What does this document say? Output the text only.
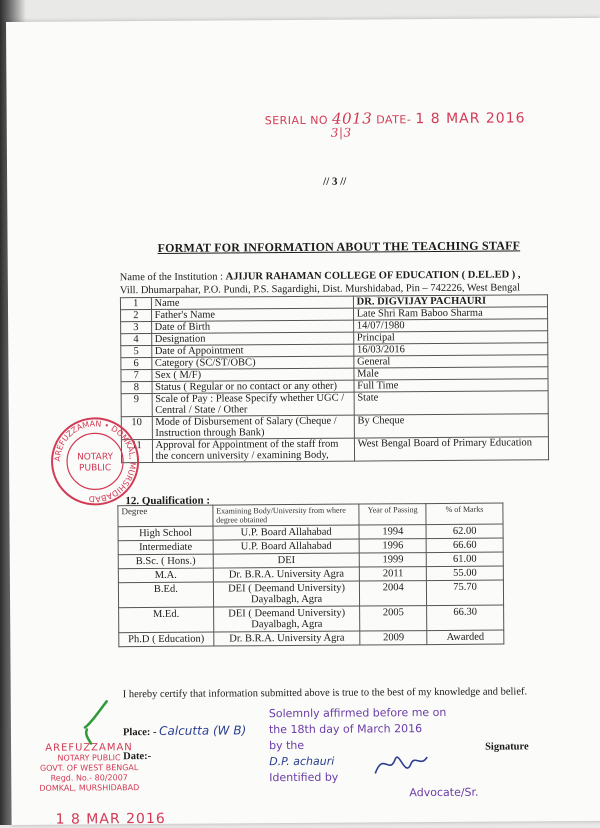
SERIAL NO 4013 DATE- 1 8 MAR 2016
3|3
// 3 //
FORMAT FOR INFORMATION ABOUT THE TEACHING STAFF
Name of the Institution : AJIJUR RAHAMAN COLLEGE OF EDUCATION ( D.EL.ED ) ,
Vill. Dhumarpahar, P.O. Pundi, P.S. Sagardighi, Dist. Murshidabad, Pin – 742226, West Bengal
1	Name	DR. DIGVIJAY PACHAURI
2	Father's Name	Late Shri Ram Baboo Sharma
3	Date of Birth	14/07/1980
4	Designation	Principal
5	Date of Appointment	16/03/2016
6	Category (SC/ST/OBC)	General
7	Sex ( M/F)	Male
8	Status ( Regular or no contact or any other)	Full Time
9	Scale of Pay : Please Specify whether UGC / Central / State / Other	State
10	Mode of Disbursement of Salary (Cheque / Instruction through Bank)	By Cheque
11	Approval for Appointment of the staff from the concern university / examining Body,	West Bengal Board of Primary Education
12. Qualification :
Degree	Examining Body/University from where degree obtained	Year of Passing	% of Marks
High School	U.P. Board Allahabad	1994	62.00
Intermediate	U.P. Board Allahabad	1996	66.60
B.Sc. ( Hons.)	DEI	1999	61.00
M.A.	Dr. B.R.A. University Agra	2011	55.00
B.Ed.	DEI ( Deemand University) Dayalbagh, Agra	2004	75.70
M.Ed.	DEI ( Deemand University) Dayalbagh, Agra	2005	66.30
Ph.D ( Education)	Dr. B.R.A. University Agra	2009	Awarded
I hereby certify that information submitted above is true to the best of my knowledge and belief.
Place: - Calcutta (W B)
Date:-
Signature
Solemnly affirmed before me on
the 18th day of March 2016
by the
D.P. achauri
Identified by
Advocate/Sr.
AREFUZZAMAN
NOTARY PUBLIC
GOVT. OF WEST BENGAL
Regd. No.- 80/2007
DOMKAL, MURSHIDABAD
1 8 MAR 2016
AREFUZZAMAN • DOMKAL, MURSHIDABAD
NOTARY
PUBLIC
